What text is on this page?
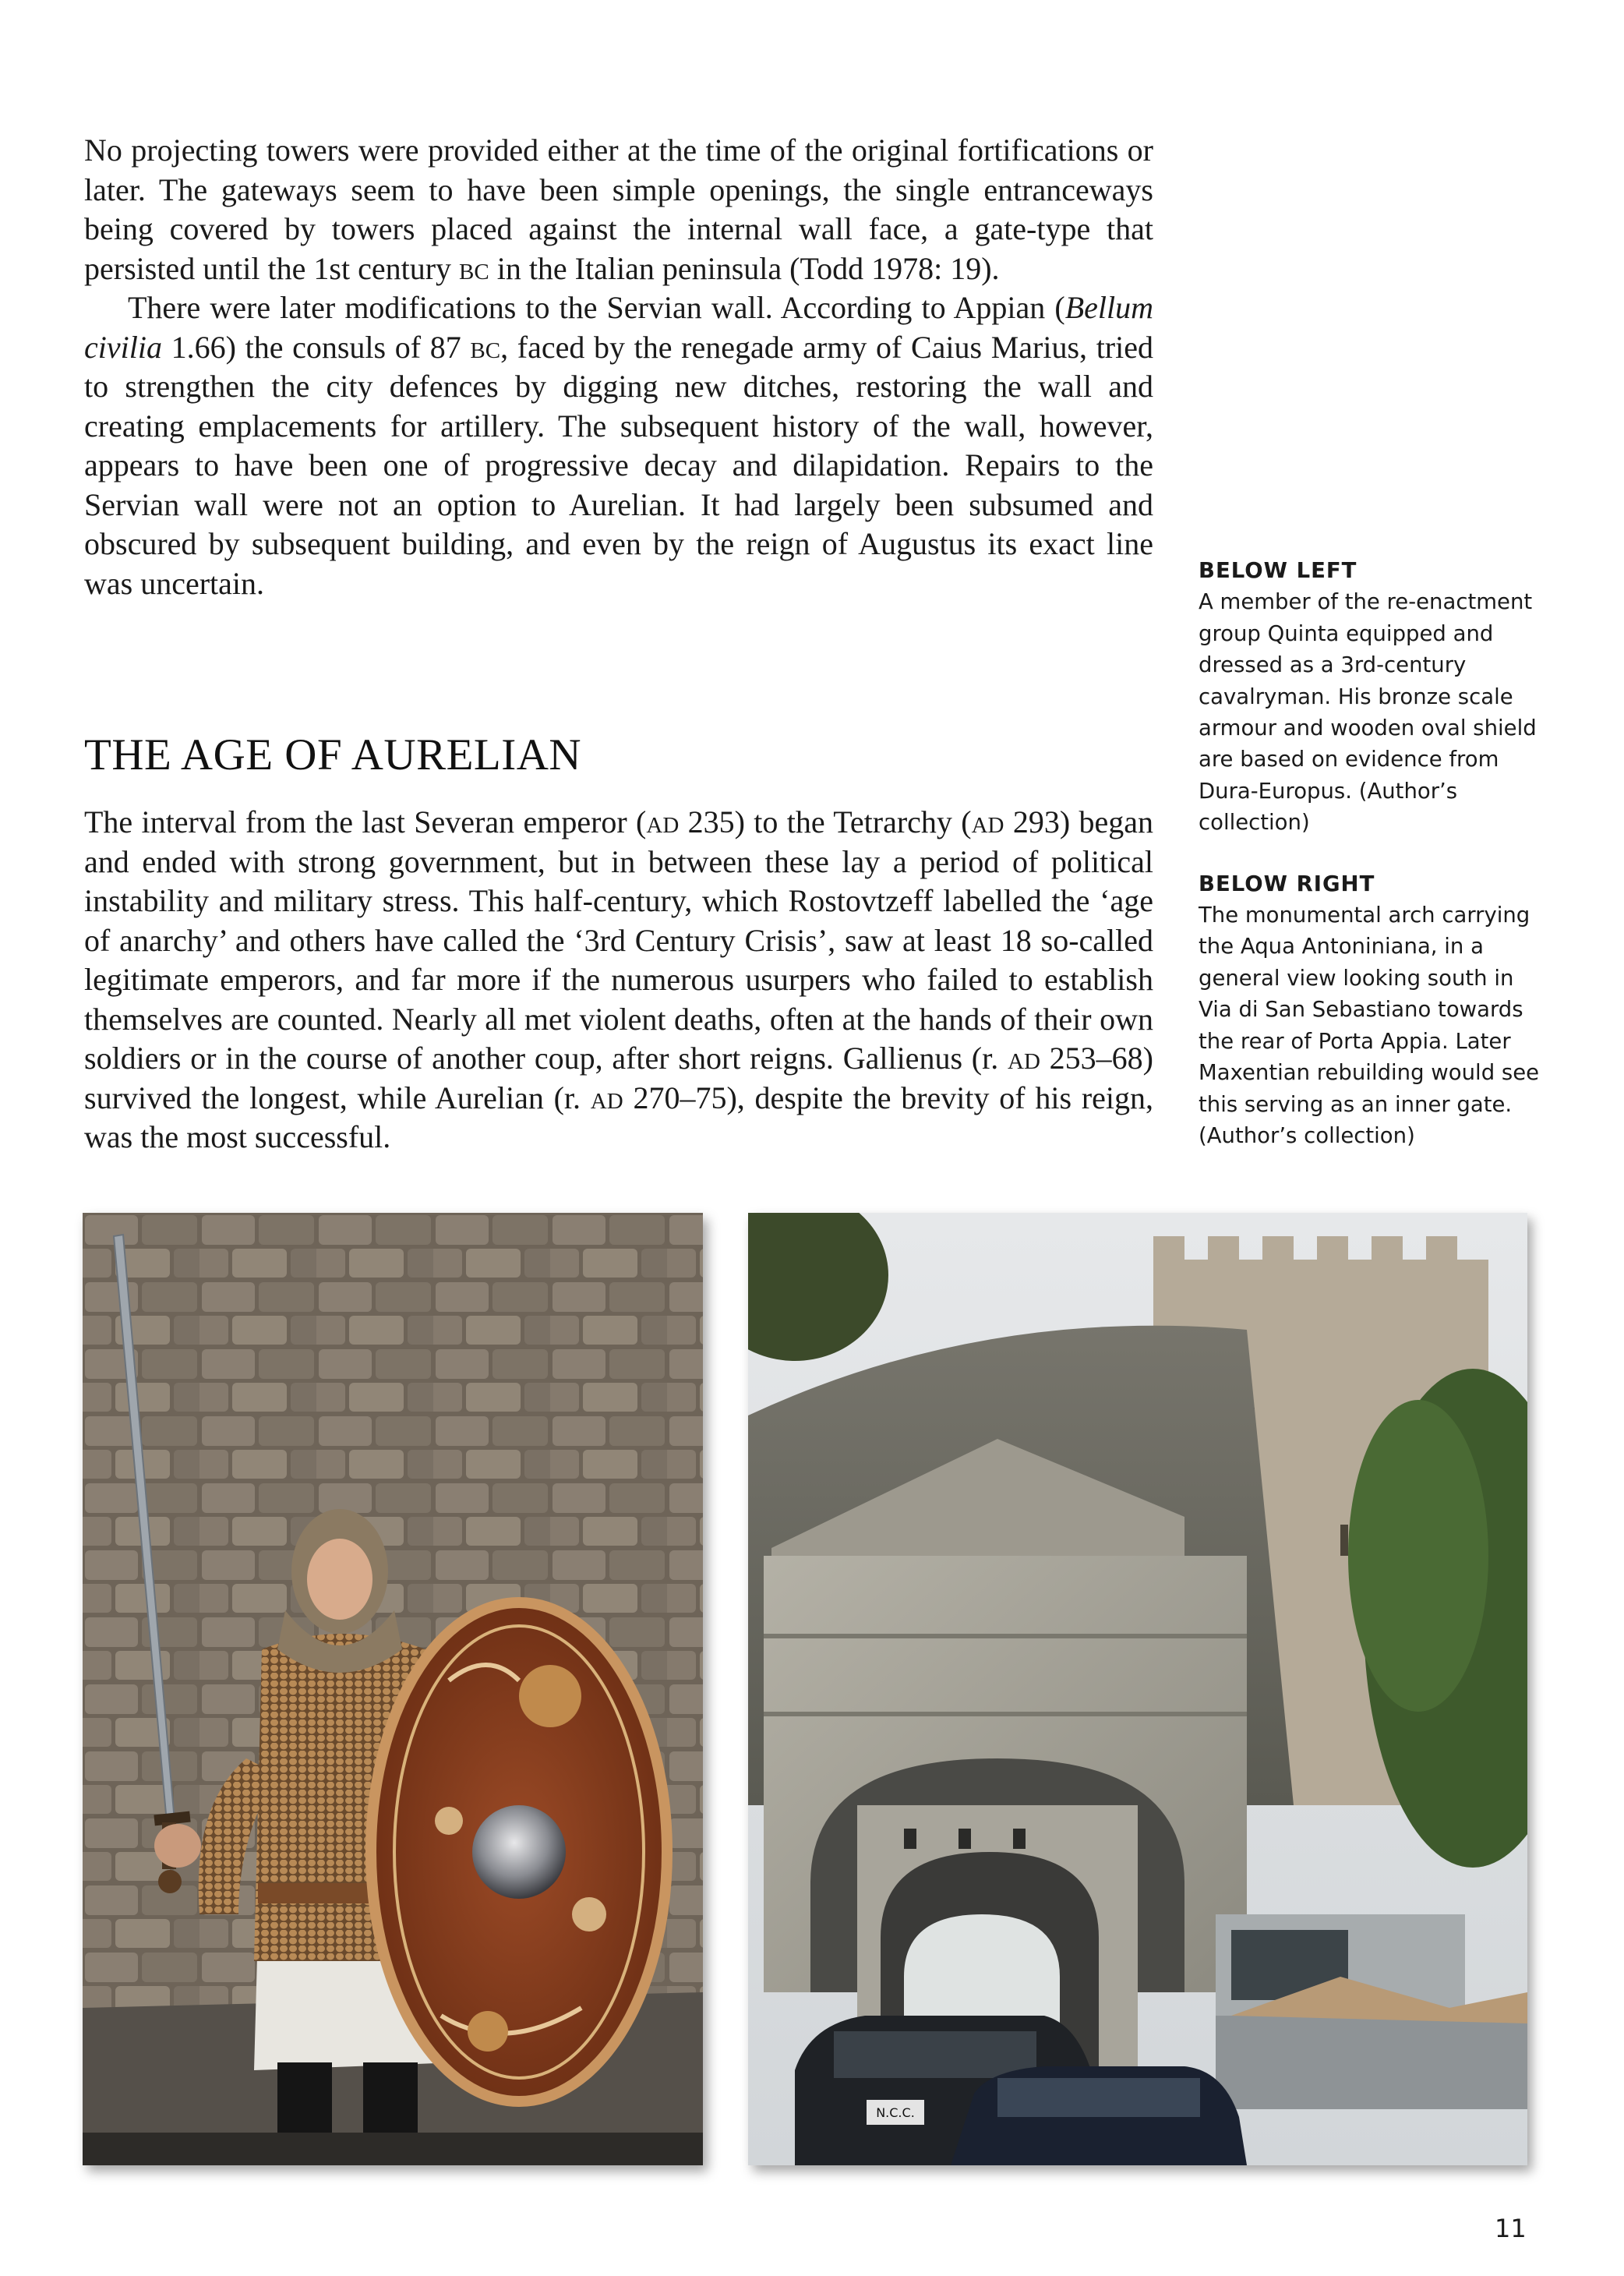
No projecting towers were provided either at the time of the original fortifications or later. The gateways seem to have been simple openings, the single entranceways being covered by towers placed against the internal wall face, a gate-type that persisted until the 1st century bc in the Italian peninsula (Todd 1978: 19).

There were later modifications to the Servian wall. According to Appian (Bellum civilia 1.66) the consuls of 87 bc, faced by the renegade army of Caius Marius, tried to strengthen the city defences by digging new ditches, restoring the wall and creating emplacements for artillery. The subsequent history of the wall, however, appears to have been one of progressive decay and dilapidation. Repairs to the Servian wall were not an option to Aurelian. It had largely been subsumed and obscured by subsequent building, and even by the reign of Augustus its exact line was uncertain.

THE AGE OF AURELIAN

The interval from the last Severan emperor (ad 235) to the Tetrarchy (ad 293) began and ended with strong government, but in between these lay a period of political instability and military stress. This half-century, which Rostovtzeff labelled the ‘age of anarchy’ and others have called the ‘3rd Century Crisis’, saw at least 18 so-called legitimate emperors, and far more if the numerous usurpers who failed to establish themselves are counted. Nearly all met violent deaths, often at the hands of their own soldiers or in the course of another coup, after short reigns. Gallienus (r. ad 253–68) survived the longest, while Aurelian (r. ad 270–75), despite the brevity of his reign, was the most successful.

BELOW LEFT
A member of the re-enactment group Quinta equipped and dressed as a 3rd-century cavalryman. His bronze scale armour and wooden oval shield are based on evidence from Dura-Europus. (Author’s collection)
BELOW RIGHT
The monumental arch carrying the Aqua Antoniniana, in a general view looking south in Via di San Sebastiano towards the rear of Porta Appia. Later Maxentian rebuilding would see this serving as an inner gate. (Author’s collection)
N.C.C.
11
